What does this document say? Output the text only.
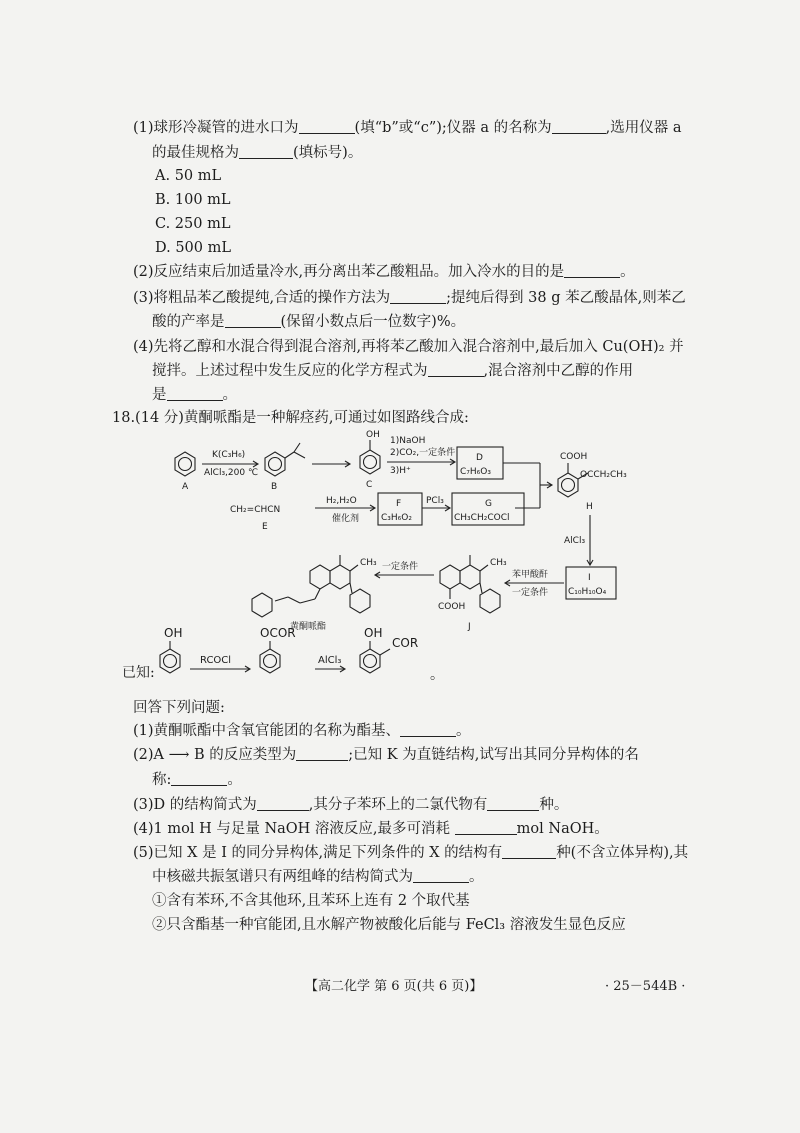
(1)球形冷凝管的进水口为	(填“b”或“c”);仪器 a 的名称为	,选用仪器 a
的最佳规格为	(填标号)。
A. 50 mL
B. 100 mL
C. 250 mL
D. 500 mL
(2)反应结束后加适量冷水,再分离出苯乙酸粗品。加入冷水的目的是	。
(3)将粗品苯乙酸提纯,合适的操作方法为	;提纯后得到 38 g 苯乙酸晶体,则苯乙
酸的产率是	(保留小数点后一位数字)%。
(4)先将乙醇和水混合得到混合溶剂,再将苯乙酸加入混合溶剂中,最后加入 Cu(OH)₂ 并
搅拌。上述过程中发生反应的化学方程式为	,混合溶剂中乙醇的作用
是	。
18.(14 分)黄酮哌酯是一种解痉药,可通过如图路线合成:
A
K(C₃H₆)
AlCl₃,200 ℃
B
OH
C
1)NaOH
2)CO₂,一定条件
3)H⁺
D
C₇H₆O₃
COOH
OCCH₂CH₃
H
CH₂=CHCN
E
H₂,H₂O
催化剂
F
C₃H₆O₂
PCl₃	G
CH₃CH₂COCl
AlCl₃
I
C₁₀H₁₀O₄
苯甲酸酐
一定条件
CH₃
COOH
J
一定条件
CH₃
黄酮哌酯
已知:
OH
RCOCl
OCOR
AlCl₃
OH
COR
。
回答下列问题:
(1)黄酮哌酯中含氧官能团的名称为酯基、	。
(2)A ⟶ B 的反应类型为	;已知 K 为直链结构,试写出其同分异构体的名
称:	。
(3)D 的结构简式为	,其分子苯环上的二氯代物有	种。
(4)1 mol H 与足量 NaOH 溶液反应,最多可消耗	mol NaOH。
(5)已知 X 是 I 的同分异构体,满足下列条件的 X 的结构有	种(不含立体异构),其
中核磁共振氢谱只有两组峰的结构简式为	。
①含有苯环,不含其他环,且苯环上连有 2 个取代基
②只含酯基一种官能团,且水解产物被酸化后能与 FeCl₃ 溶液发生显色反应
【高二化学 第 6 页(共 6 页)】	· 25－544B ·
